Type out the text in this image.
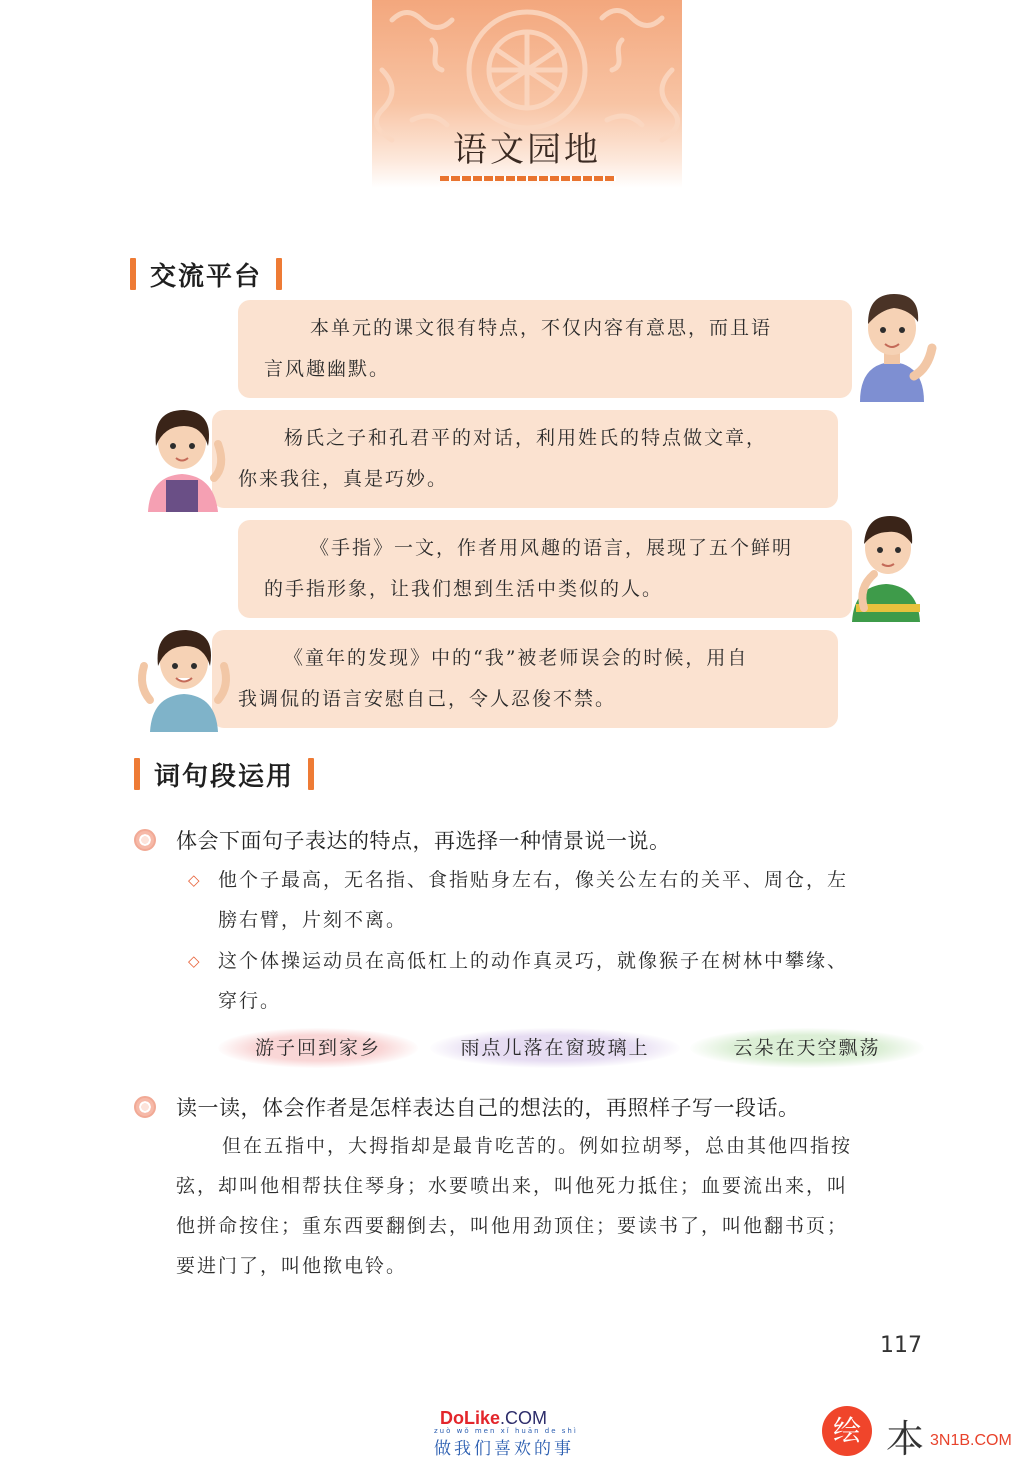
语文园地
交流平台
本单元的课文很有特点，不仅内容有意思，而且语
言风趣幽默。
杨氏之子和孔君平的对话，利用姓氏的特点做文章，
你来我往，真是巧妙。
《手指》一文，作者用风趣的语言，展现了五个鲜明
的手指形象，让我们想到生活中类似的人。
《童年的发现》中的“我”被老师误会的时候，用自
我调侃的语言安慰自己，令人忍俊不禁。
词句段运用
体会下面句子表达的特点，再选择一种情景说一说。
◇ 他个子最高，无名指、食指贴身左右，像关公左右的关平、周仓，左
膀右臂，片刻不离。
◇ 这个体操运动员在高低杠上的动作真灵巧，就像猴子在树林中攀缘、
穿行。
游子回到家乡	雨点儿落在窗玻璃上	云朵在天空飘荡
读一读，体会作者是怎样表达自己的想法的，再照样子写一段话。
但在五指中，大拇指却是最肯吃苦的。例如拉胡琴，总由其他四指按
弦，却叫他相帮扶住琴身；水要喷出来，叫他死力抵住；血要流出来，叫
他拼命按住；重东西要翻倒去，叫他用劲顶住；要读书了，叫他翻书页；
要进门了，叫他揿电铃。
117
DoLike.COM
zuò wǒ men xǐ huān de shì
做我们喜欢的事
绘 本 3N1B.COM
